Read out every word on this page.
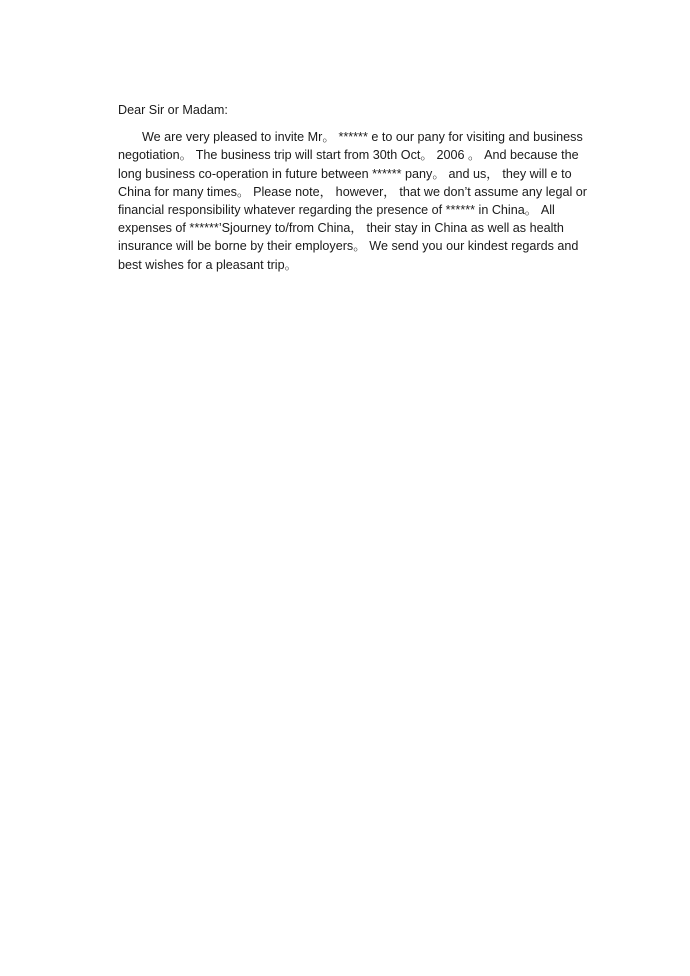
Dear Sir or Madam:
We are very pleased to invite Mr。 ****** e to our pany for visiting and business
negotiation。 The business trip will start from 30th Oct。 2006 。 And because the
long business co-operation in future between ****** pany。 and us， they will e to
China for many times。 Please note， however， that we don’t assume any legal or
financial responsibility whatever regarding the presence of ****** in China。 All
expenses of ******’Sjourney to/from China， their stay in China as well as health
insurance will be borne by their employers。 We send you our kindest regards and
best wishes for a pleasant trip。
